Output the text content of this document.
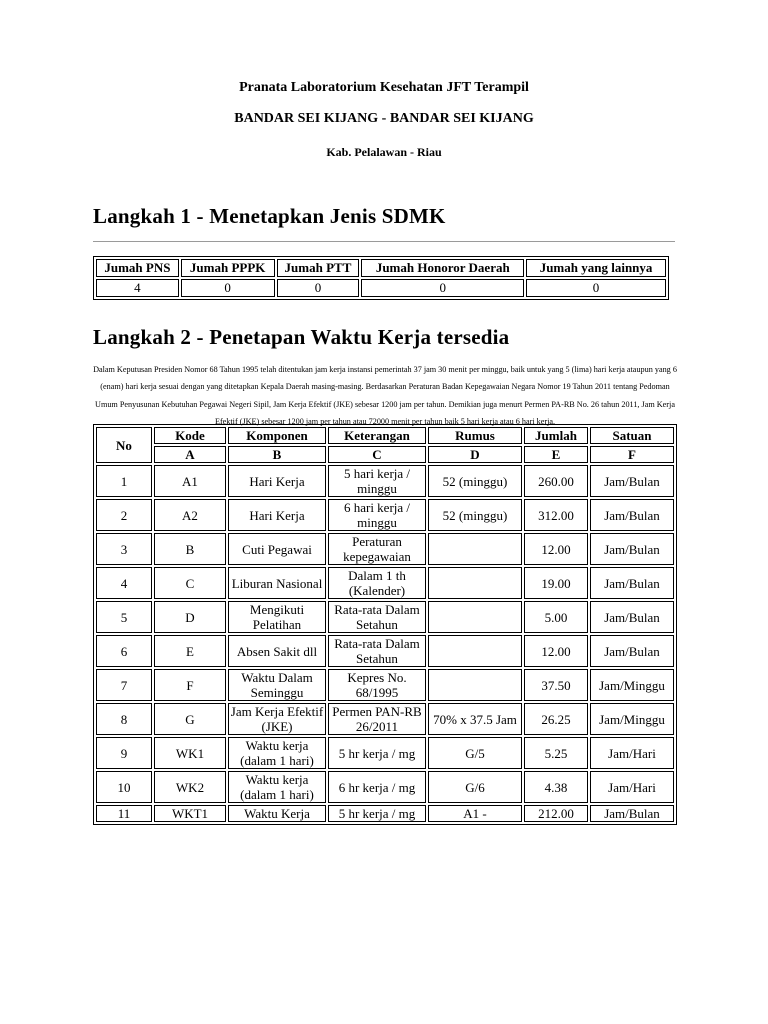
Pranata Laboratorium Kesehatan JFT Terampil
BANDAR SEI KIJANG - BANDAR SEI KIJANG
Kab. Pelalawan - Riau
Langkah 1 - Menetapkan Jenis SDMK
Jumah PNS	Jumah PPPK	Jumah PTT	Jumah Honoror Daerah	Jumah yang lainnya
4	0	0	0	0
Langkah 2 - Penetapan Waktu Kerja tersedia
Dalam Keputusan Presiden Nomor 68 Tahun 1995 telah ditentukan jam kerja instansi pemerintah 37 jam 30 menit per minggu, baik untuk yang 5 (lima) hari kerja ataupun yang 6 (enam) hari kerja sesuai dengan yang ditetapkan Kepala Daerah masing-masing. Berdasarkan Peraturan Badan Kepegawaian Negara Nomor 19 Tahun 2011 tentang Pedoman Umum Penyusunan Kebutuhan Pegawai Negeri Sipil, Jam Kerja Efektif (JKE) sebesar 1200 jam per tahun. Demikian juga menurt Permen PA-RB No. 26 tahun 2011, Jam Kerja Efektif (JKE) sebesar 1200 jam per tahun atau 72000 menit per tahun baik 5 hari kerja atau 6 hari kerja.
No	Kode	Komponen	Keterangan	Rumus	Jumlah	Satuan
	A	B	C	D	E	F
1	A1	Hari Kerja	5 hari kerja / minggu	52 (minggu)	260.00	Jam/Bulan
2	A2	Hari Kerja	6 hari kerja / minggu	52 (minggu)	312.00	Jam/Bulan
3	B	Cuti Pegawai	Peraturan kepegawaian		12.00	Jam/Bulan
4	C	Liburan Nasional	Dalam 1 th (Kalender)		19.00	Jam/Bulan
5	D	Mengikuti Pelatihan	Rata-rata Dalam Setahun		5.00	Jam/Bulan
6	E	Absen Sakit dll	Rata-rata Dalam Setahun		12.00	Jam/Bulan
7	F	Waktu Dalam Seminggu	Kepres No. 68/1995		37.50	Jam/Minggu
8	G	Jam Kerja Efektif (JKE)	Permen PAN-RB 26/2011	70% x 37.5 Jam	26.25	Jam/Minggu
9	WK1	Waktu kerja (dalam 1 hari)	5 hr kerja / mg	G/5	5.25	Jam/Hari
10	WK2	Waktu kerja (dalam 1 hari)	6 hr kerja / mg	G/6	4.38	Jam/Hari
11	WKT1	Waktu Kerja	5 hr kerja / mg	A1 -	212.00	Jam/Bulan
